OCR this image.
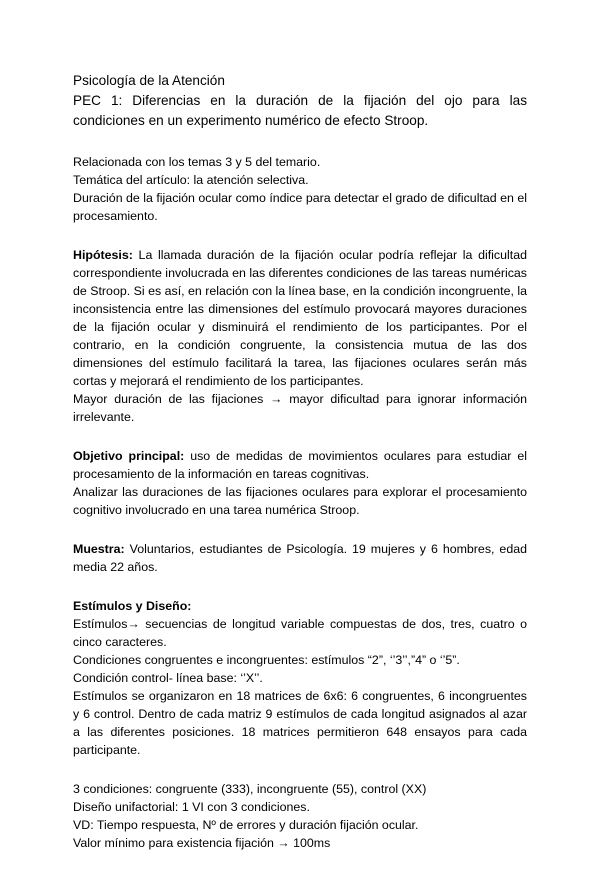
Psicología de la Atención

PEC 1: Diferencias en la duración de la fijación del ojo para las condiciones en un experimento numérico de efecto Stroop.

Relacionada con los temas 3 y 5 del temario.

Temática del artículo: la atención selectiva.

Duración de la fijación ocular como índice para detectar el grado de dificultad en el procesamiento.

Hipótesis: La llamada duración de la fijación ocular podría reflejar la dificultad correspondiente involucrada en las diferentes condiciones de las tareas numéricas de Stroop. Si es así, en relación con la línea base, en la condición incongruente, la inconsistencia entre las dimensiones del estímulo provocará mayores duraciones de la fijación ocular y disminuirá el rendimiento de los participantes. Por el contrario, en la condición congruente, la consistencia mutua de las dos dimensiones del estímulo facilitará la tarea, las fijaciones oculares serán más cortas y mejorará el rendimiento de los participantes.

Mayor duración de las fijaciones → mayor dificultad para ignorar información irrelevante.

Objetivo principal: uso de medidas de movimientos oculares para estudiar el procesamiento de la información en tareas cognitivas.

Analizar las duraciones de las fijaciones oculares para explorar el procesamiento cognitivo involucrado en una tarea numérica Stroop.

Muestra: Voluntarios, estudiantes de Psicología. 19 mujeres y 6 hombres, edad media 22 años.

Estímulos y Diseño:

Estímulos→ secuencias de longitud variable compuestas de dos, tres, cuatro o cinco caracteres.

Condiciones congruentes e incongruentes: estímulos “2”, ‘’3’’,”4” o ‘’5”.

Condición control- línea base: ‘’X’’.

Estímulos se organizaron en 18 matrices de 6x6: 6 congruentes, 6 incongruentes y 6 control. Dentro de cada matriz 9 estímulos de cada longitud asignados al azar a las diferentes posiciones. 18 matrices permitieron 648 ensayos para cada participante.

3 condiciones: congruente (333), incongruente (55), control (XX)

Diseño unifactorial: 1 VI con 3 condiciones.

VD: Tiempo respuesta, Nº de errores y duración fijación ocular.

Valor mínimo para existencia fijación → 100ms
